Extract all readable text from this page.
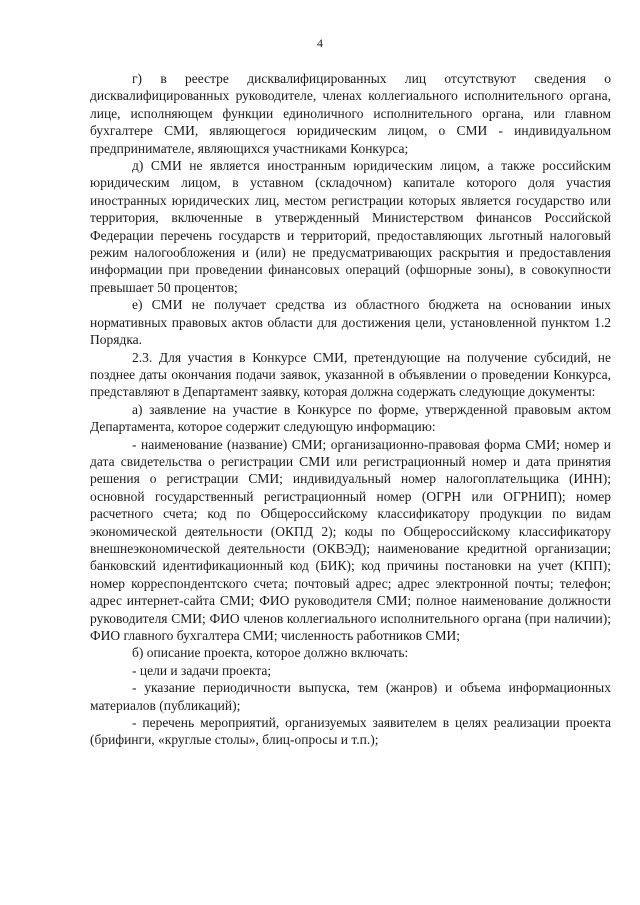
4

г) в реестре дисквалифицированных лиц отсутствуют сведения о дисквалифицированных руководителе, членах коллегиального исполнительного органа, лице, исполняющем функции единоличного исполнительного органа, или главном бухгалтере СМИ, являющегося юридическим лицом, о СМИ - индивидуальном предпринимателе, являющихся участниками Конкурса;

д) СМИ не является иностранным юридическим лицом, а также российским юридическим лицом, в уставном (складочном) капитале которого доля участия иностранных юридических лиц, местом регистрации которых является государство или территория, включенные в утвержденный Министерством финансов Российской Федерации перечень государств и территорий, предоставляющих льготный налоговый режим налогообложения и (или) не предусматривающих раскрытия и предоставления информации при проведении финансовых операций (офшорные зоны), в совокупности превышает 50 процентов;

е) СМИ не получает средства из областного бюджета на основании иных нормативных правовых актов области для достижения цели, установленной пунктом 1.2 Порядка.

2.3. Для участия в Конкурсе СМИ, претендующие на получение субсидий, не позднее даты окончания подачи заявок, указанной в объявлении о проведении Конкурса, представляют в Департамент заявку, которая должна содержать следующие документы:

а) заявление на участие в Конкурсе по форме, утвержденной правовым актом Департамента, которое содержит следующую информацию:

- наименование (название) СМИ; организационно-правовая форма СМИ; номер и дата свидетельства о регистрации СМИ или регистрационный номер и дата принятия решения о регистрации СМИ; индивидуальный номер налогоплательщика (ИНН); основной государственный регистрационный номер (ОГРН или ОГРНИП); номер расчетного счета; код по Общероссийскому классификатору продукции по видам экономической деятельности (ОКПД 2); коды по Общероссийскому классификатору внешнеэкономической деятельности (ОКВЭД); наименование кредитной организации; банковский идентификационный код (БИК); код причины постановки на учет (КПП); номер корреспондентского счета; почтовый адрес; адрес электронной почты; телефон; адрес интернет-сайта СМИ; ФИО руководителя СМИ; полное наименование должности руководителя СМИ; ФИО членов коллегиального исполнительного органа (при наличии); ФИО главного бухгалтера СМИ; численность работников СМИ;

б) описание проекта, которое должно включать:

- цели и задачи проекта;

- указание периодичности выпуска, тем (жанров) и объема информационных материалов (публикаций);

- перечень мероприятий, организуемых заявителем в целях реализации проекта (брифинги, «круглые столы», блиц-опросы и т.п.);
